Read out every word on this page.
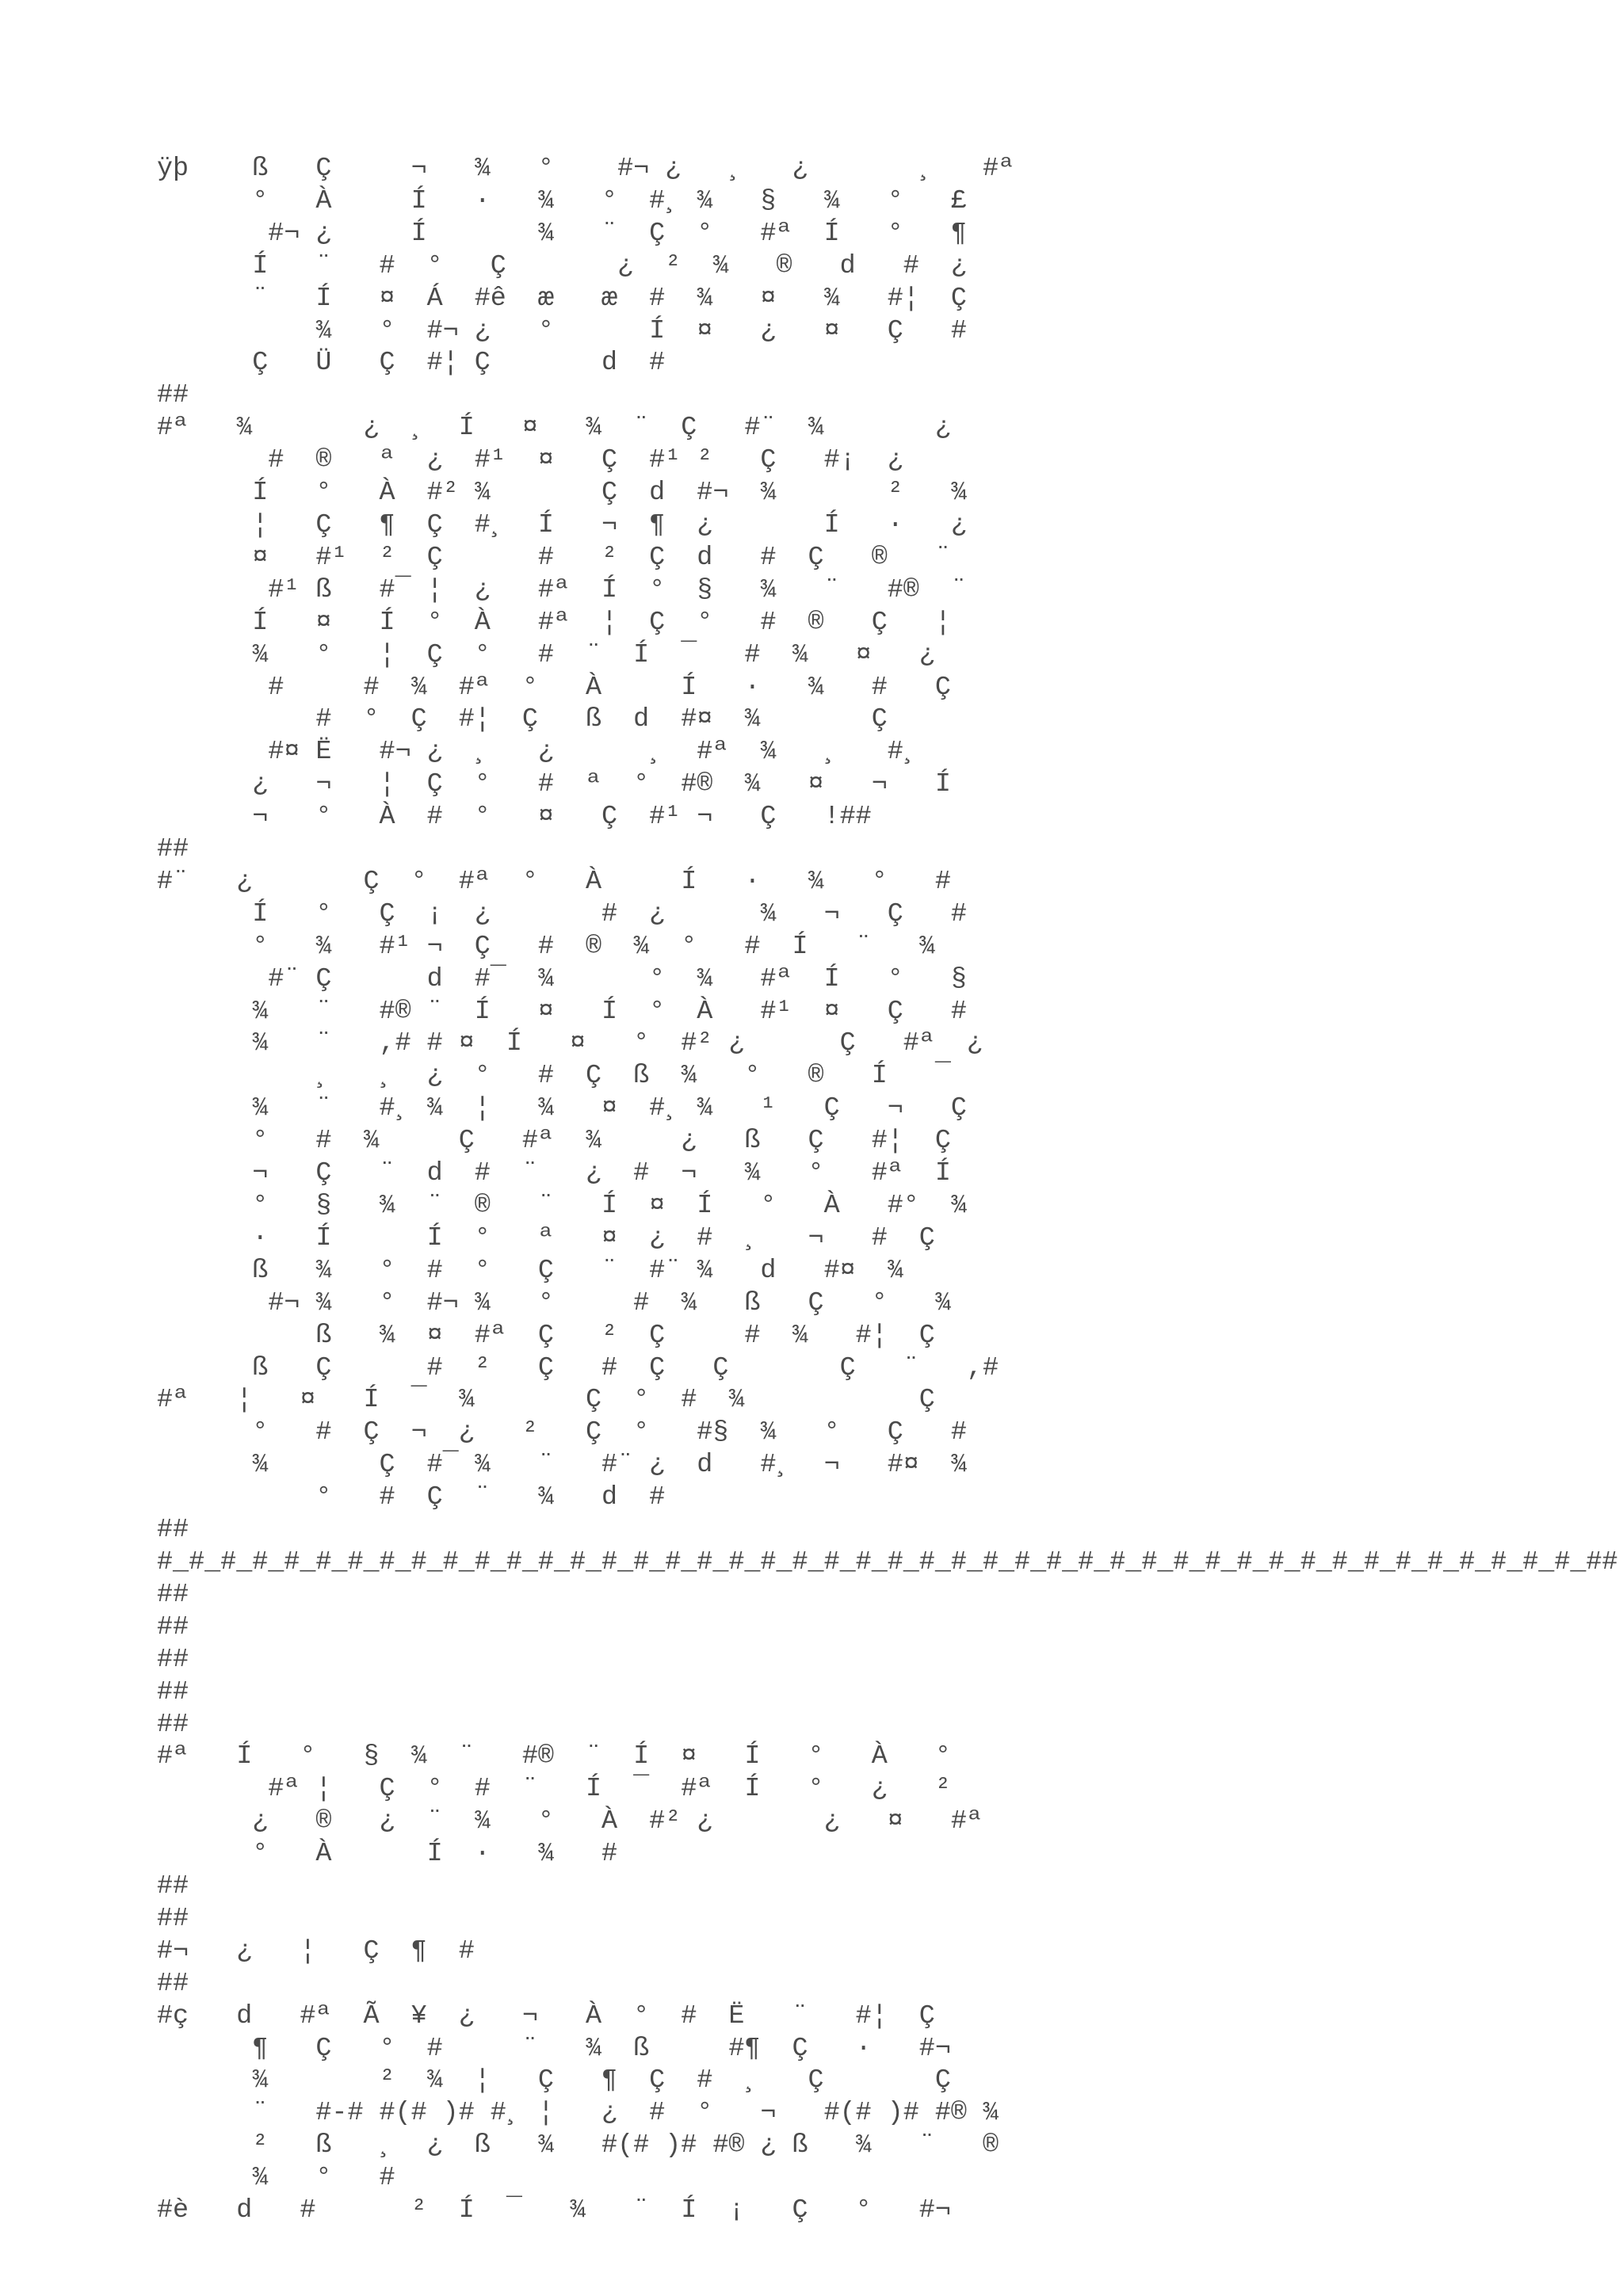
ÿþ    ß   Ç     ¬   ¾   °    #¬ ¿   ¸   ¿       ¸   #ª
°   À     Í   ·   ¾   °  #¸ ¾   §   ¾   °   £
#¬ ¿     Í       ¾   ¨  Ç  °   #ª  Í   °   ¶
Í   ¨   #  °   Ç       ¿  ²  ¾   ®   d   #  ¿
¨   Í   ¤  Á  #ê  æ   æ  #  ¾   ¤   ¾   #¦  Ç
¾   °  #¬ ¿   °      Í  ¤   ¿   ¤   Ç   #
Ç   Ü   Ç  #¦ Ç       d  #
##
#ª   ¾       ¿  ¸  Í   ¤   ¾  ¨  Ç   #¨  ¾       ¿
#  ®   ª  ¿  #¹  ¤   Ç  #¹ ²   Ç   #¡  ¿
Í   °   À  #² ¾       Ç  d  #¬  ¾       ²   ¾
¦   Ç   ¶  Ç  #¸  Í   ¬  ¶  ¿       Í   ·   ¿
¤   #¹  ²  Ç      #   ²  Ç  d   #  Ç   ®   ¨
#¹ ß   #¯ ¦  ¿   #ª  Í  °  §   ¾   ¨   #®  ¨
Í   ¤   Í  °  À   #ª  ¦  Ç  °   #  ®   Ç   ¦
¾   °   ¦  Ç  °   #  ¨  Í  ¯   #  ¾   ¤   ¿
#     #  ¾  #ª  °   À     Í   ·   ¾   #   Ç
#  °  Ç  #¦  Ç   ß  d  #¤  ¾       Ç
#¤ Ë   #¬ ¿  ¸   ¿      ¸  #ª  ¾   ¸   #¸
¿   ¬   ¦  Ç  °   #  ª  °  #®  ¾   ¤   ¬   Í
¬   °   À  #  °   ¤   Ç  #¹ ¬   Ç   !##
##
#¨   ¿       Ç  °  #ª  °   À     Í   ·   ¾   °   #
Í   °   Ç  ¡  ¿       #  ¿      ¾   ¬   Ç   #
°   ¾   #¹ ¬  Ç   #  ®  ¾  °   #  Í   ¨   ¾
#¨ Ç      d  #¯  ¾      °  ¾   #ª  Í   °   §
¾   ¨   #® ¨  Í   ¤   Í  °  À   #¹  ¤   Ç   #
¾   ¨   ,# # ¤  Í   ¤   °  #² ¿      Ç   #ª  ¿
¸   ¸  ¿  °   #  Ç  ß  ¾   °   ®   Í   ¯
¾   ¨   #¸ ¾  ¦   ¾   ¤  #¸ ¾   ¹   Ç   ¬   Ç
°   #  ¾     Ç   #ª  ¾     ¿   ß   Ç   #¦  Ç
¬   Ç   ¨  d  #  ¨   ¿  #  ¬   ¾   °   #ª  Í
°   §   ¾  ¨  ®   ¨   Í  ¤  Í   °   À   #°  ¾
·   Í      Í  °   ª   ¤  ¿  #  ¸   ¬   #  Ç
ß   ¾   °  #  °   Ç   ¨  #¨ ¾   d   #¤  ¾
#¬ ¾   °  #¬ ¾   °     #  ¾   ß   Ç   °   ¾
ß   ¾  ¤  #ª  Ç   ²  Ç     #  ¾   #¦  Ç
ß   Ç      #  ²   Ç   #  Ç   Ç       Ç   ¨   ,#
#ª   ¦   ¤   Í  ¯  ¾       Ç  °  #  ¾           Ç
°   #  Ç  ¬  ¿   ²   Ç  °   #§  ¾   °   Ç   #
¾       Ç  #¯ ¾   ¨   #¨ ¿  d   #¸  ¬   #¤  ¾
°   #  Ç  ¨   ¾   d  #
##
#_#_#_#_#_#_#_#_#_#_#_#_#_#_#_#_#_#_#_#_#_#_#_#_#_#_#_#_#_#_#_#_#_#_#_#_#_#_#_#_#_#_#_#_#_##
##
##
##
##
##
#ª   Í   °   §  ¾  ¨   #®  ¨  Í  ¤   Í   °   À   °
#ª ¦   Ç  °  #  ¨   Í  ¯  #ª  Í   °   ¿   ²
¿   ®   ¿  ¨  ¾   °   À  #² ¿       ¿   ¤   #ª
°   À      Í  ·   ¾   #
##
##
#¬   ¿   ¦   Ç  ¶  #
##
#ç   d   #ª  Ã  ¥  ¿   ¬   À  °  #  Ë   ¨   #¦  Ç
¶   Ç   °  #     ¨   ¾  ß     #¶  Ç   ·   #¬
¾       ²  ¾  ¦   Ç   ¶  Ç  #  ¸   Ç       Ç
¨   #-# #(# )# #¸ ¦   ¿  #  °   ¬   #(# )# #® ¾
²   ß   ¸  ¿  ß   ¾   #(# )# #® ¿ ß   ¾   ¨   ®
¾   °   #
#è   d   #      ²  Í  ¯   ¾   ¨  Í  ¡   Ç   °   #¬
